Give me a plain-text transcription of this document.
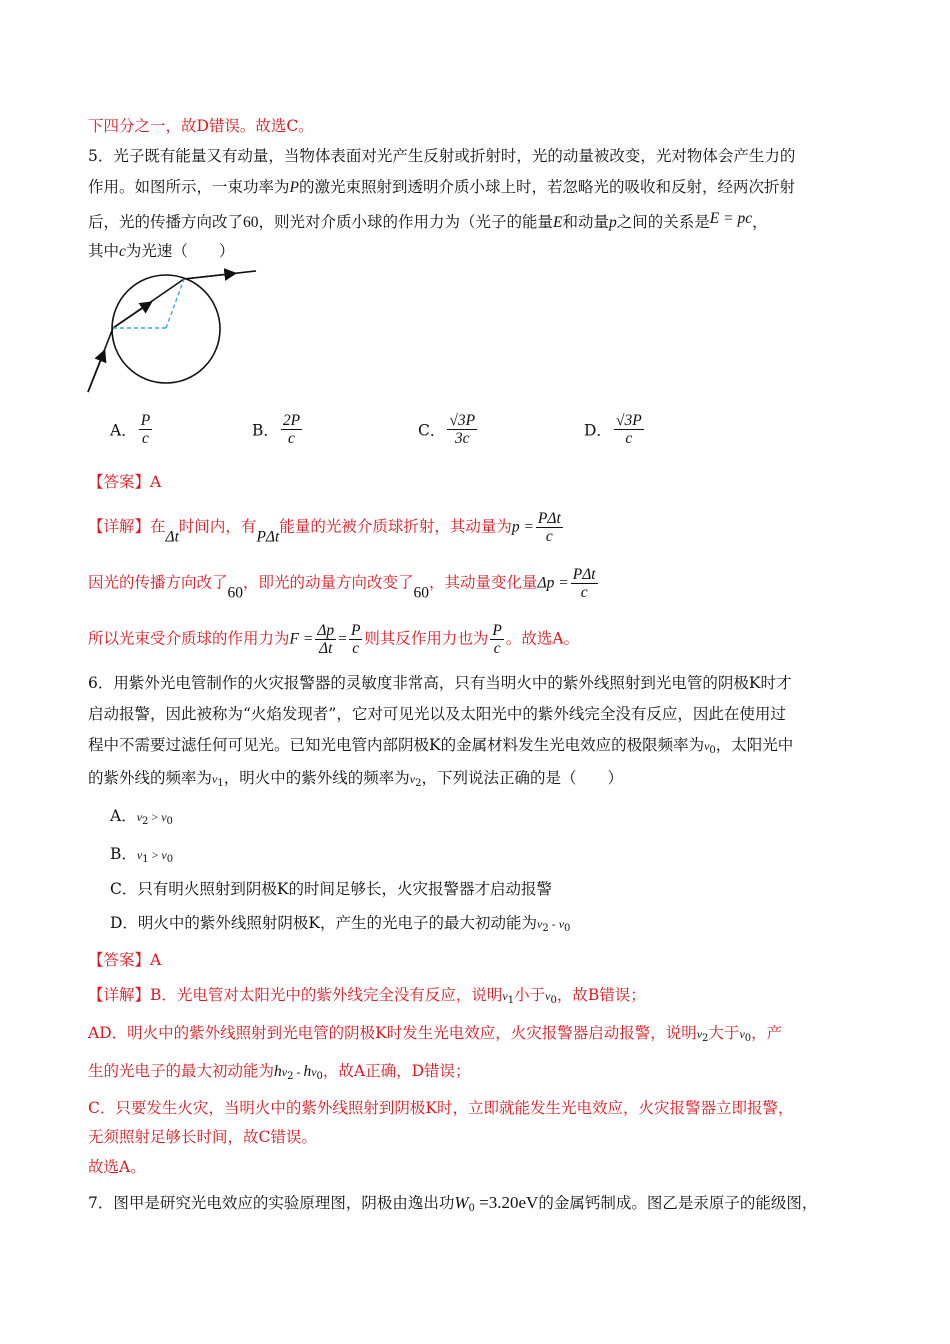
下四分之一，故D错误。故选C。
5．光子既有能量又有动量，当物体表面对光产生反射或折射时，光的动量被改变，光对物体会产生力的
作用。如图所示，一束功率为P的激光束照射到透明介质小球上时，若忽略光的吸收和反射，经两次折射
后，光的传播方向改了60，则光对介质小球的作用力为（光子的能量E和动量p之间的关系是E = pc，
其中c为光速（　　）
A． $\frac{P}{c}$	B． $\frac{2P}{c}$	C． $\frac{√3P}{3c}$	D． $\frac{√3P}{c}$
【答案】A
【详解】在Δt时间内，有PΔt能量的光被介质球折射，其动量为$p = \frac{\text{PΔt}}{c}$
因光的传播方向改了60，即光的动量方向改变了60，其动量变化量$\Delta p = \frac{\text{PΔt}}{c}$
所以光束受介质球的作用力为$F = \frac{\Delta p}{\Delta t} = \frac{P}{c}$ 则其反作用力也为 $\frac{P}{c}$ 。故选A。
6．用紫外光电管制作的火灾报警器的灵敏度非常高，只有当明火中的紫外线照射到光电管的阴极K时才
启动报警，因此被称为“火焰发现者”，它对可见光以及太阳光中的紫外线完全没有反应，因此在使用过
程中不需要过滤任何可见光。已知光电管内部阴极K的金属材料发生光电效应的极限频率为$\nu_0$，太阳光中
的紫外线的频率为$\nu_1$，明火中的紫外线的频率为$\nu_2$，下列说法正确的是（　　）
A．$\nu_2 > \nu_0$
B．$\nu_1 > \nu_0$
C．只有明火照射到阴极K的时间足够长，火灾报警器才启动报警
D．明火中的紫外线照射阴极K，产生的光电子的最大初动能为$\nu_2 - \nu_0$
【答案】A
【详解】B．光电管对太阳光中的紫外线完全没有反应，说明$\nu_1$小于$\nu_0$，故B错误；
AD．明火中的紫外线照射到光电管的阴极K时发生光电效应，火灾报警器启动报警，说明$\nu_2$大于$\nu_0$，产
生的光电子的最大初动能为$h\nu_2 - h\nu_0$，故A正确，D错误；
C．只要发生火灾，当明火中的紫外线照射到阴极K时，立即就能发生光电效应，火灾报警器立即报警，
无须照射足够长时间，故C错误。
故选A。
7．图甲是研究光电效应的实验原理图，阴极由逸出功$W_0 =3.20eV$的金属钙制成。图乙是汞原子的能级图，
